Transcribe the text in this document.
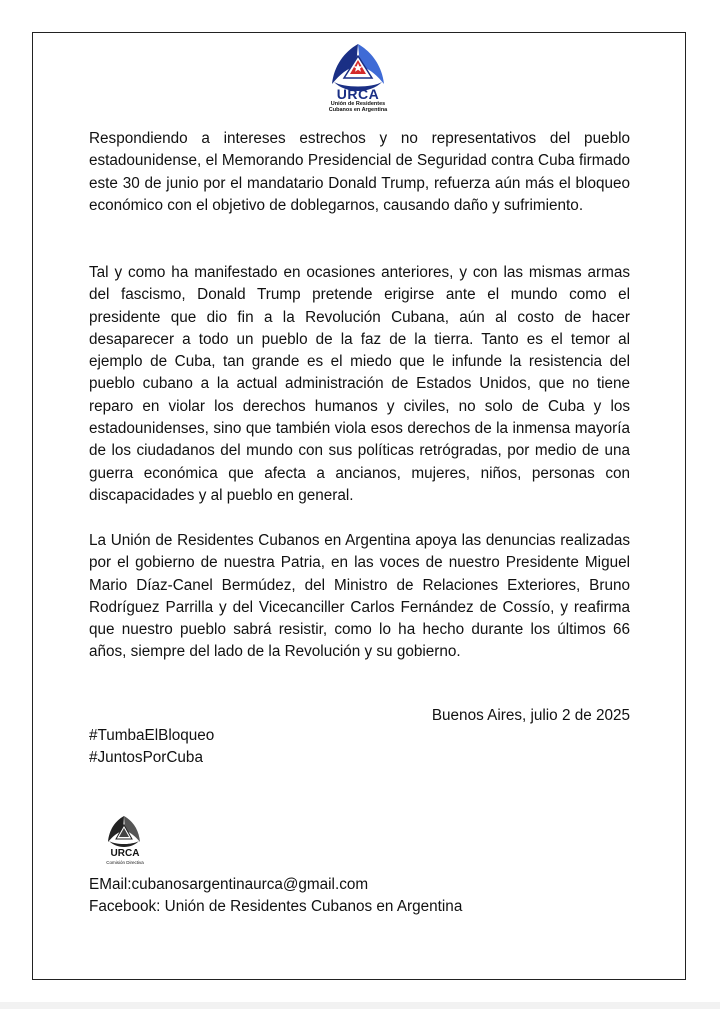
URCA
Unión de Residentes
Cubanos en Argentina

Respondiendo a intereses estrechos y no representativos del pueblo estadounidense, el Memorando Presidencial de Seguridad contra Cuba firmado este 30 de junio por el mandatario Donald Trump, refuerza aún más el bloqueo económico con el objetivo de doblegarnos, causando daño y sufrimiento.

Tal y como ha manifestado en ocasiones anteriores, y con las mismas armas del fascismo, Donald Trump pretende erigirse ante el mundo como el presidente que dio fin a la Revolución Cubana, aún al costo de hacer desaparecer a todo un pueblo de la faz de la tierra. Tanto es el temor al ejemplo de Cuba, tan grande es el miedo que le infunde la resistencia del pueblo cubano a la actual administración de Estados Unidos, que no tiene reparo en violar los derechos humanos y civiles, no solo de Cuba y los estadounidenses, sino que también viola esos derechos de la inmensa mayoría de los ciudadanos del mundo con sus políticas retrógradas, por medio de una guerra económica que afecta a ancianos, mujeres, niños, personas con discapacidades y al pueblo en general.

La Unión de Residentes Cubanos en Argentina apoya las denuncias realizadas por el gobierno de nuestra Patria, en las voces de nuestro Presidente Miguel Mario Díaz-Canel Bermúdez, del Ministro de Relaciones Exteriores, Bruno Rodríguez Parrilla y del Vicecanciller Carlos Fernández de Cossío, y reafirma que nuestro pueblo sabrá resistir, como lo ha hecho durante los últimos 66 años, siempre del lado de la Revolución y su gobierno.

Buenos Aires, julio 2 de 2025

#TumbaElBloqueo

#JuntosPorCuba

URCA
Comisión Directiva

EMail:cubanosargentinaurca@gmail.com

Facebook: Unión de Residentes Cubanos en Argentina
